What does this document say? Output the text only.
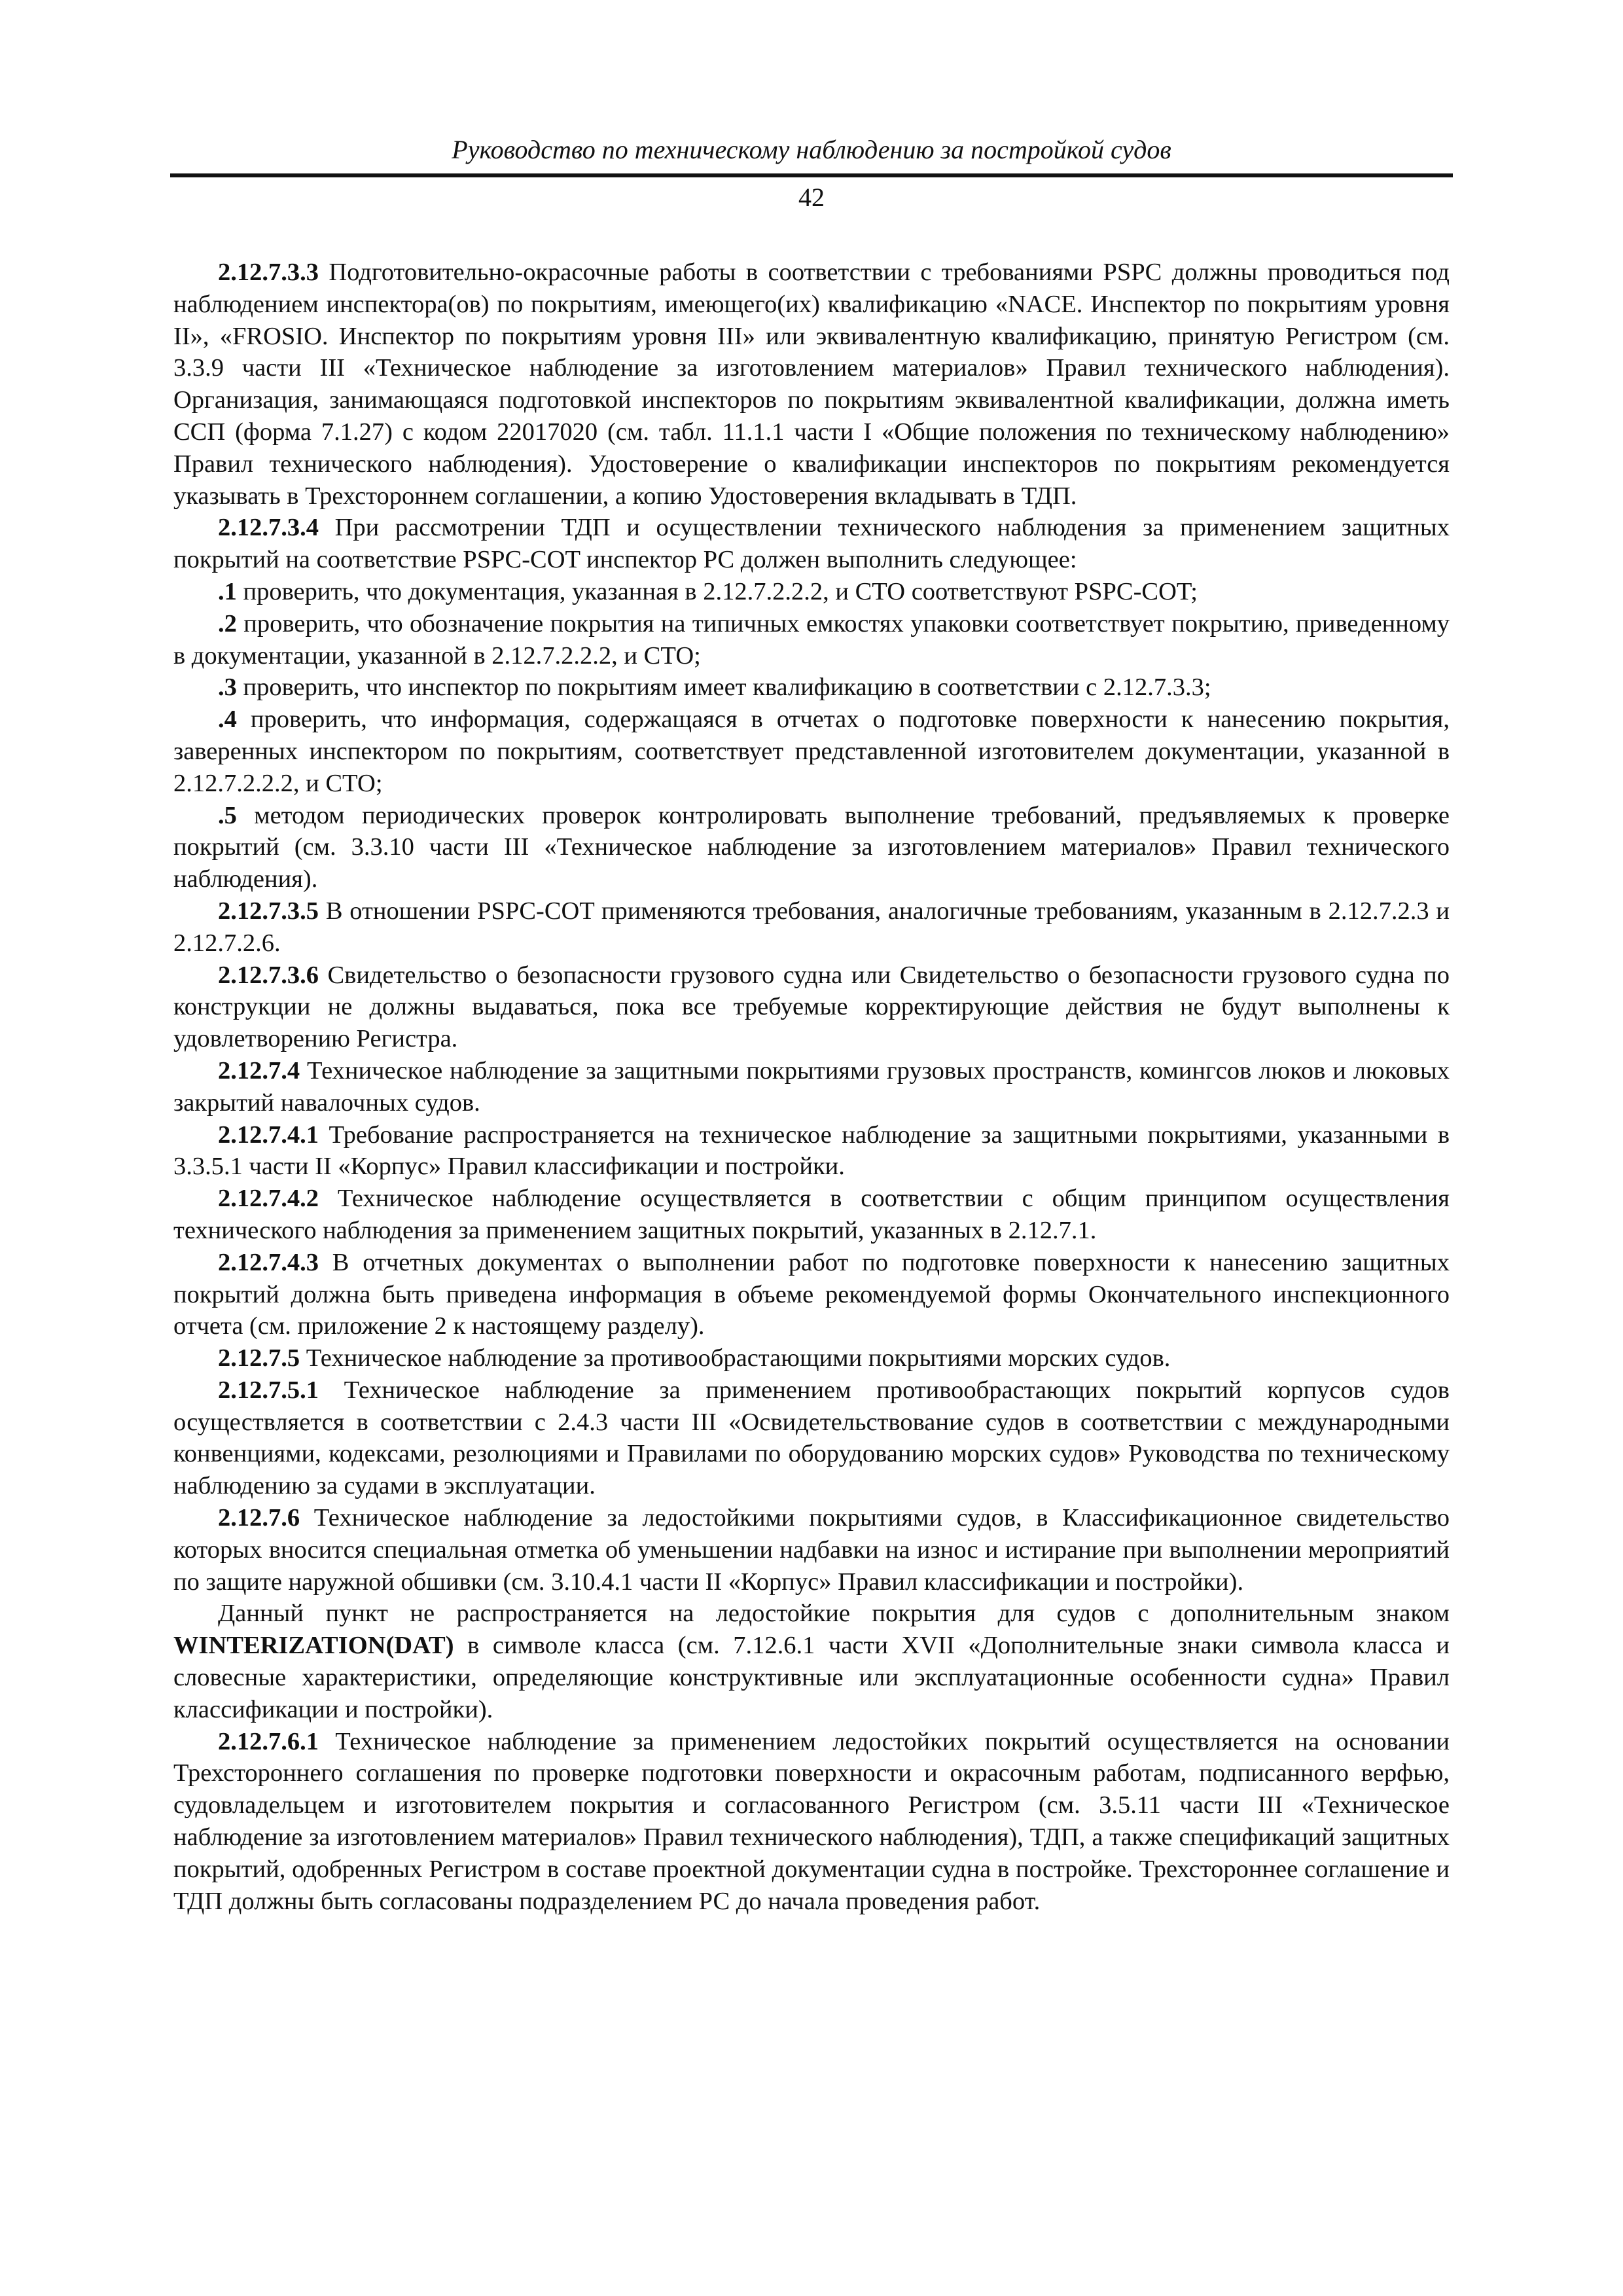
Руководство по техническому наблюдению за постройкой судов
42

2.12.7.3.3 Подготовительно-окрасочные работы в соответствии с требованиями PSPC должны проводиться под наблюдением инспектора(ов) по покрытиям, имеющего(их) квалификацию «NACE. Инспектор по покрытиям уровня II», «FROSIO. Инспектор по покрытиям уровня III» или эквивалентную квалификацию, принятую Регистром (см. 3.3.9 части III «Техническое наблюдение за изготовлением материалов» Правил технического наблюдения). Организация, занимающаяся подготовкой инспекторов по покрытиям эквивалентной квалификации, должна иметь ССП (форма 7.1.27) с кодом 22017020 (см. табл. 11.1.1 части I «Общие положения по техническому наблюдению» Правил технического наблюдения). Удостоверение о квалификации инспекторов по покрытиям рекомендуется указывать в Трехстороннем соглашении, а копию Удостоверения вкладывать в ТДП.

2.12.7.3.4 При рассмотрении ТДП и осуществлении технического наблюдения за применением защитных покрытий на соответствие PSPC-COT инспектор РС должен выполнить следующее:

.1 проверить, что документация, указанная в 2.12.7.2.2.2, и СТО соответствуют PSPC-COT;

.2 проверить, что обозначение покрытия на типичных емкостях упаковки соответствует покрытию, приведенному в документации, указанной в 2.12.7.2.2.2, и СТО;

.3 проверить, что инспектор по покрытиям имеет квалификацию в соответствии с 2.12.7.3.3;

.4 проверить, что информация, содержащаяся в отчетах о подготовке поверхности к нанесению покрытия, заверенных инспектором по покрытиям, соответствует представленной изготовителем документации, указанной в 2.12.7.2.2.2, и СТО;

.5 методом периодических проверок контролировать выполнение требований, предъявляемых к проверке покрытий (см. 3.3.10 части III «Техническое наблюдение за изготовлением материалов» Правил технического наблюдения).

2.12.7.3.5 В отношении PSPC-COT применяются требования, аналогичные требованиям, указанным в 2.12.7.2.3 и 2.12.7.2.6.

2.12.7.3.6 Свидетельство о безопасности грузового судна или Свидетельство о безопасности грузового судна по конструкции не должны выдаваться, пока все требуемые корректирующие действия не будут выполнены к удовлетворению Регистра.

2.12.7.4 Техническое наблюдение за защитными покрытиями грузовых пространств, комингсов люков и люковых закрытий навалочных судов.

2.12.7.4.1 Требование распространяется на техническое наблюдение за защитными покрытиями, указанными в 3.3.5.1 части II «Корпус» Правил классификации и постройки.

2.12.7.4.2 Техническое наблюдение осуществляется в соответствии с общим принципом осуществления технического наблюдения за применением защитных покрытий, указанных в 2.12.7.1.

2.12.7.4.3 В отчетных документах о выполнении работ по подготовке поверхности к нанесению защитных покрытий должна быть приведена информация в объеме рекомендуемой формы Окончательного инспекционного отчета (см. приложение 2 к настоящему разделу).

2.12.7.5 Техническое наблюдение за противообрастающими покрытиями морских судов.

2.12.7.5.1 Техническое наблюдение за применением противообрастающих покрытий корпусов судов осуществляется в соответствии с 2.4.3 части III «Освидетельствование судов в соответствии с международными конвенциями, кодексами, резолюциями и Правилами по оборудованию морских судов» Руководства по техническому наблюдению за судами в эксплуатации.

2.12.7.6 Техническое наблюдение за ледостойкими покрытиями судов, в Классификационное свидетельство которых вносится специальная отметка об уменьшении надбавки на износ и истирание при выполнении мероприятий по защите наружной обшивки (см. 3.10.4.1 части II «Корпус» Правил классификации и постройки).

Данный пункт не распространяется на ледостойкие покрытия для судов с дополнительным знаком WINTERIZATION(DAT) в символе класса (см. 7.12.6.1 части XVII «Дополнительные знаки символа класса и словесные характеристики, определяющие конструктивные или эксплуатационные особенности судна» Правил классификации и постройки).

2.12.7.6.1 Техническое наблюдение за применением ледостойких покрытий осуществляется на основании Трехстороннего соглашения по проверке подготовки поверхности и окрасочным работам, подписанного верфью, судовладельцем и изготовителем покрытия и согласованного Регистром (см. 3.5.11 части III «Техническое наблюдение за изготовлением материалов» Правил технического наблюдения), ТДП, а также спецификаций защитных покрытий, одобренных Регистром в составе проектной документации судна в постройке. Трехстороннее соглашение и ТДП должны быть согласованы подразделением РС до начала проведения работ.
